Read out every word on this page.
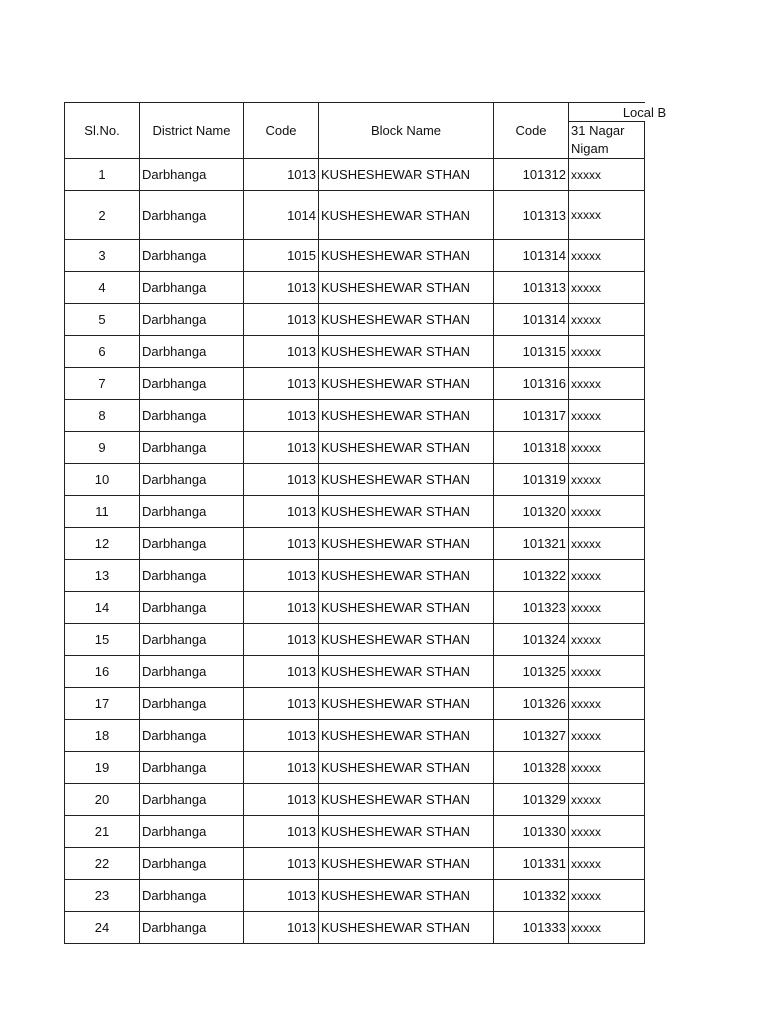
Sl.No.	District Name	Code	Block Name	Code	Local B
					31 Nagar Nigam
1	Darbhanga	1013	KUSHESHEWAR STHAN	101312	xxxxx
2	Darbhanga	1014	KUSHESHEWAR STHAN	101313	xxxxx
3	Darbhanga	1015	KUSHESHEWAR STHAN	101314	xxxxx
4	Darbhanga	1013	KUSHESHEWAR STHAN	101313	xxxxx
5	Darbhanga	1013	KUSHESHEWAR STHAN	101314	xxxxx
6	Darbhanga	1013	KUSHESHEWAR STHAN	101315	xxxxx
7	Darbhanga	1013	KUSHESHEWAR STHAN	101316	xxxxx
8	Darbhanga	1013	KUSHESHEWAR STHAN	101317	xxxxx
9	Darbhanga	1013	KUSHESHEWAR STHAN	101318	xxxxx
10	Darbhanga	1013	KUSHESHEWAR STHAN	101319	xxxxx
11	Darbhanga	1013	KUSHESHEWAR STHAN	101320	xxxxx
12	Darbhanga	1013	KUSHESHEWAR STHAN	101321	xxxxx
13	Darbhanga	1013	KUSHESHEWAR STHAN	101322	xxxxx
14	Darbhanga	1013	KUSHESHEWAR STHAN	101323	xxxxx
15	Darbhanga	1013	KUSHESHEWAR STHAN	101324	xxxxx
16	Darbhanga	1013	KUSHESHEWAR STHAN	101325	xxxxx
17	Darbhanga	1013	KUSHESHEWAR STHAN	101326	xxxxx
18	Darbhanga	1013	KUSHESHEWAR STHAN	101327	xxxxx
19	Darbhanga	1013	KUSHESHEWAR STHAN	101328	xxxxx
20	Darbhanga	1013	KUSHESHEWAR STHAN	101329	xxxxx
21	Darbhanga	1013	KUSHESHEWAR STHAN	101330	xxxxx
22	Darbhanga	1013	KUSHESHEWAR STHAN	101331	xxxxx
23	Darbhanga	1013	KUSHESHEWAR STHAN	101332	xxxxx
24	Darbhanga	1013	KUSHESHEWAR STHAN	101333	xxxxx
